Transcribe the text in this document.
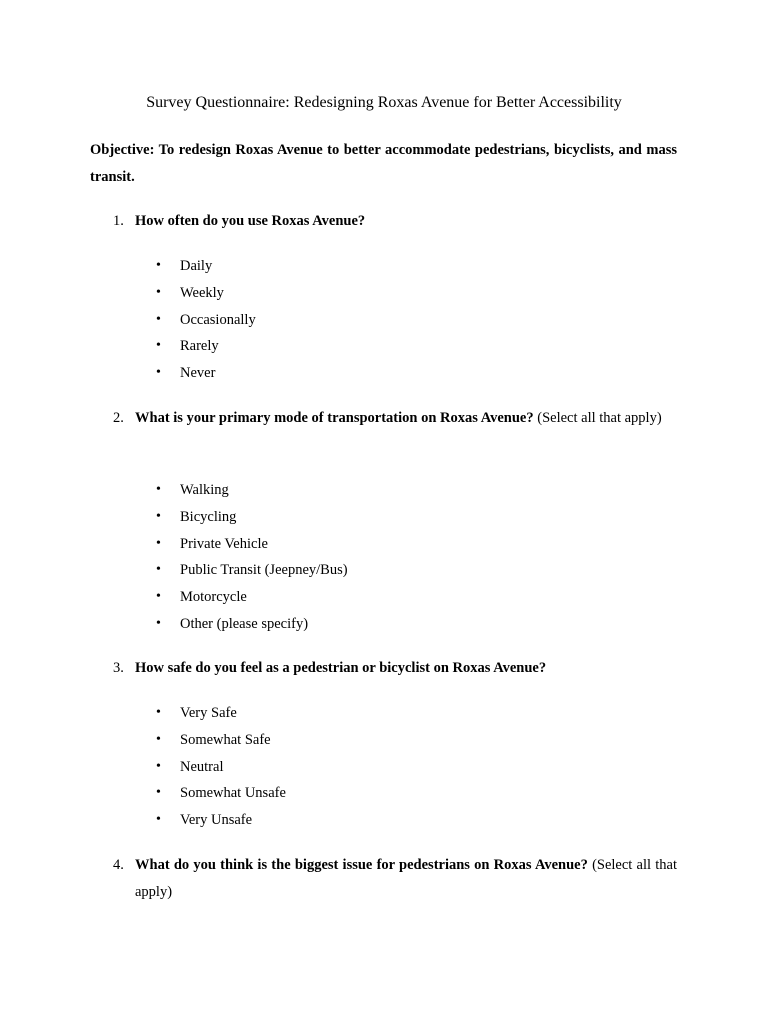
Survey Questionnaire: Redesigning Roxas Avenue for Better Accessibility
Objective: To redesign Roxas Avenue to better accommodate pedestrians, bicyclists, and mass transit.
1. How often do you use Roxas Avenue?
• Daily
• Weekly
• Occasionally
• Rarely
• Never
2. What is your primary mode of transportation on Roxas Avenue? (Select all that apply)
• Walking
• Bicycling
• Private Vehicle
• Public Transit (Jeepney/Bus)
• Motorcycle
• Other (please specify)
3. How safe do you feel as a pedestrian or bicyclist on Roxas Avenue?
• Very Safe
• Somewhat Safe
• Neutral
• Somewhat Unsafe
• Very Unsafe
4. What do you think is the biggest issue for pedestrians on Roxas Avenue? (Select all that apply)
